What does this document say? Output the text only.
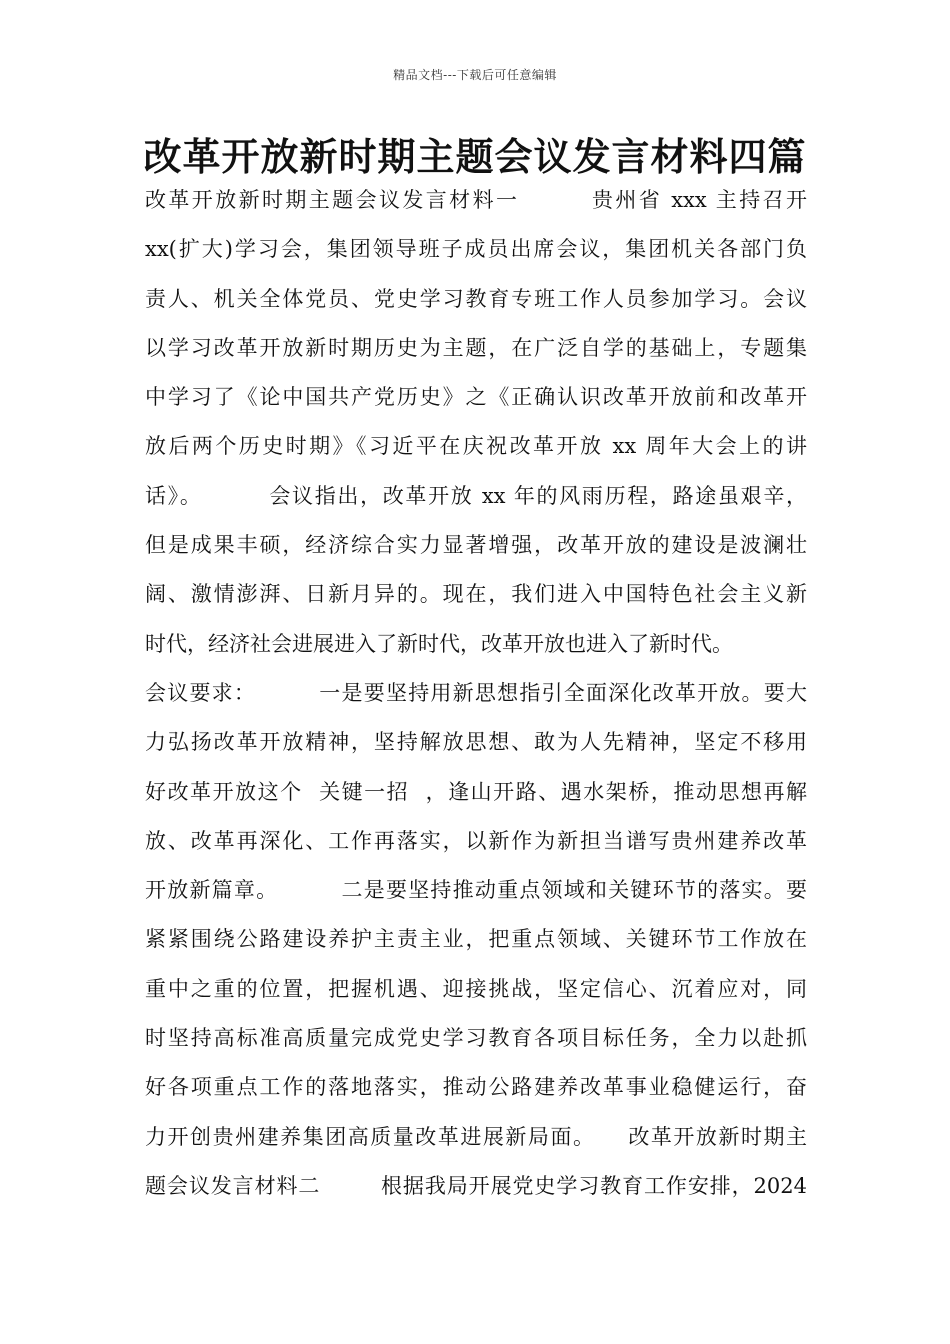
精品文档---下载后可任意编辑
改革开放新时期主题会议发言材料四篇
改革开放新时期主题会议发言材料一        贵州省 xxx 主持召开
xx(扩大)学习会，集团领导班子成员出席会议，集团机关各部门负
责人、机关全体党员、党史学习教育专班工作人员参加学习。会议
以学习改革开放新时期历史为主题，在广泛自学的基础上，专题集
中学习了《论中国共产党历史》之《正确认识改革开放前和改革开
放后两个历史时期》《习近平在庆祝改革开放 xx 周年大会上的讲
话》。        会议指出，改革开放 xx 年的风雨历程，路途虽艰辛，
但是成果丰硕，经济综合实力显著增强，改革开放的建设是波澜壮
阔、激情澎湃、日新月异的。现在，我们进入中国特色社会主义新
时代，经济社会进展进入了新时代，改革开放也进入了新时代。
会议要求：        一是要坚持用新思想指引全面深化改革开放。要大
力弘扬改革开放精神，坚持解放思想、敢为人先精神，坚定不移用
好改革开放这个  关键一招  ，逢山开路、遇水架桥，推动思想再解
放、改革再深化、工作再落实，以新作为新担当谱写贵州建养改革
开放新篇章。        二是要坚持推动重点领域和关键环节的落实。要
紧紧围绕公路建设养护主责主业，把重点领域、关键环节工作放在
重中之重的位置，把握机遇、迎接挑战，坚定信心、沉着应对，同
时坚持高标准高质量完成党史学习教育各项目标任务，全力以赴抓
好各项重点工作的落地落实，推动公路建养改革事业稳健运行，奋
力开创贵州建养集团高质量改革进展新局面。    改革开放新时期主
题会议发言材料二        根据我局开展党史学习教育工作安排，2024
